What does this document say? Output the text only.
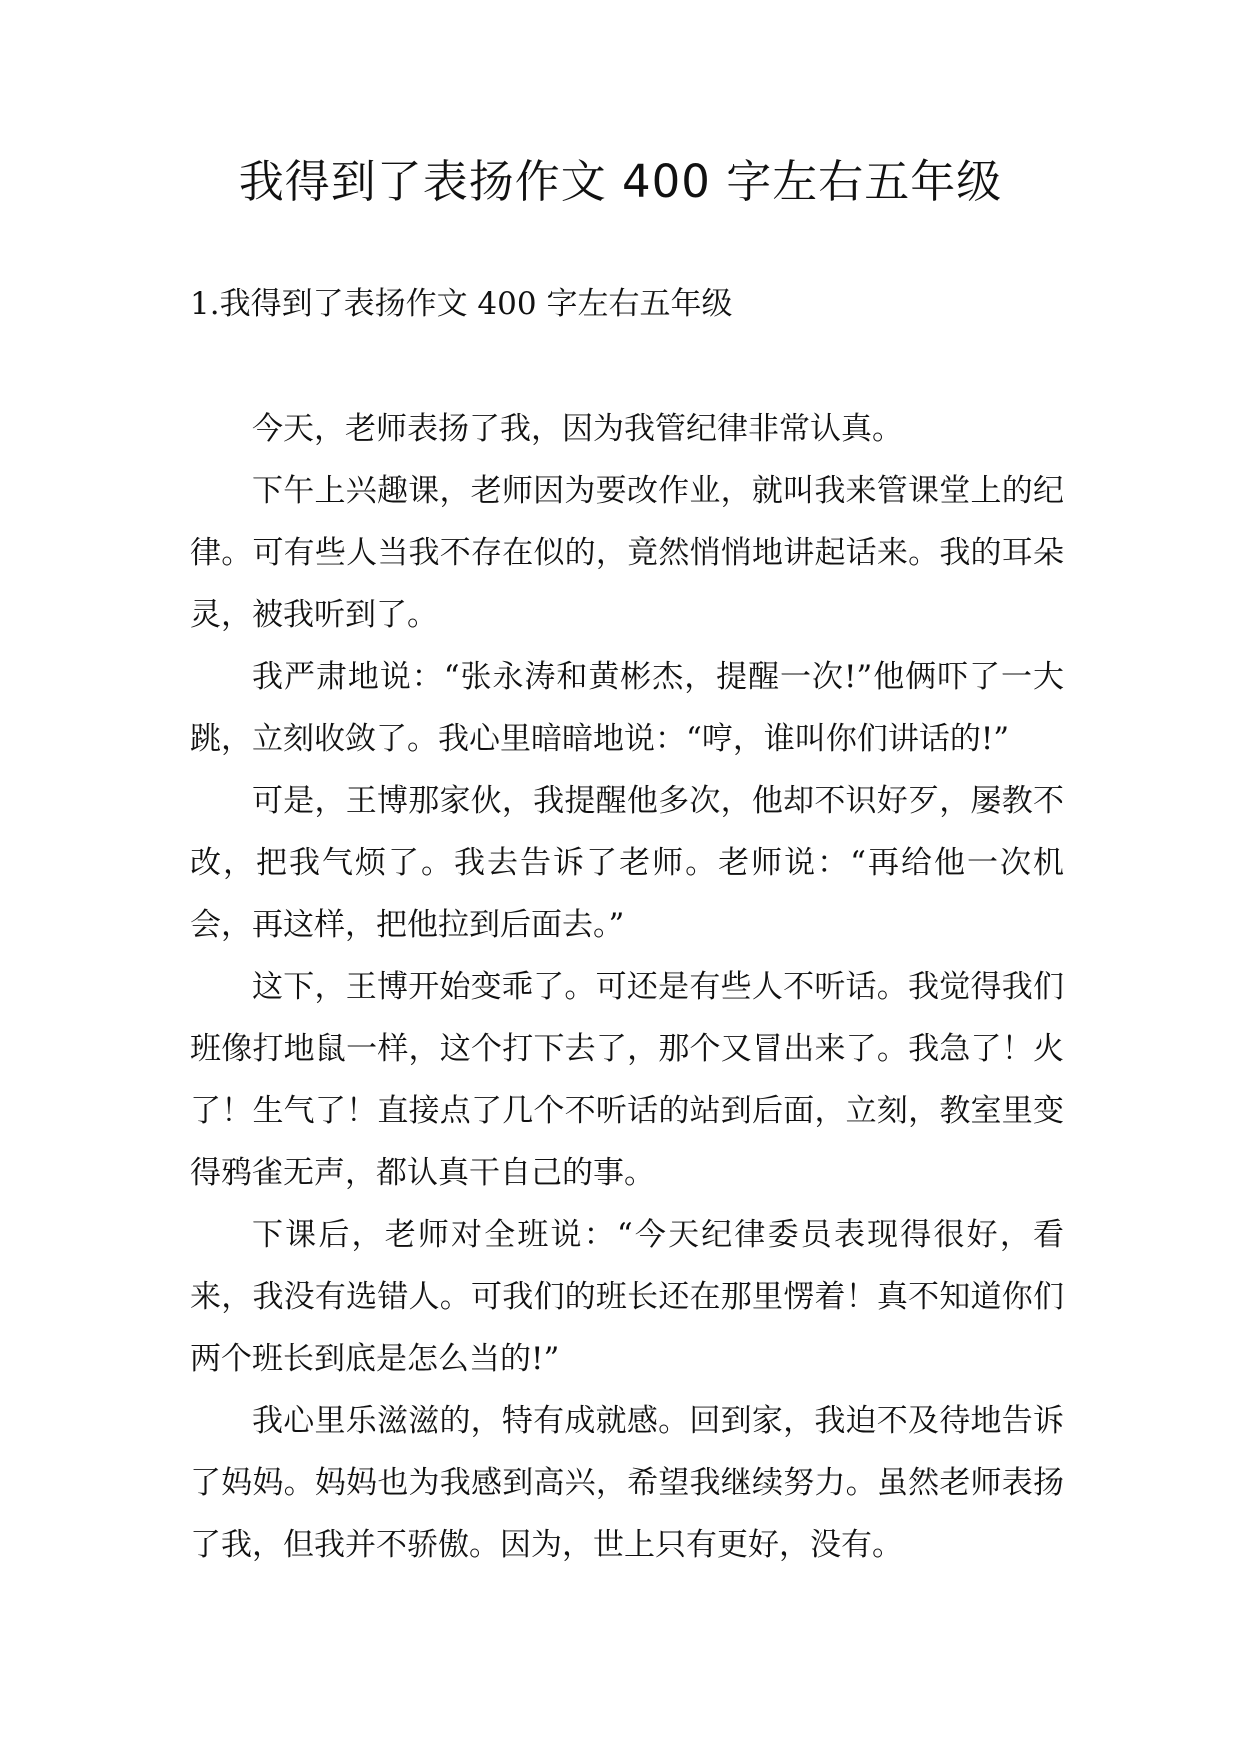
我得到了表扬作文 400 字左右五年级
1.我得到了表扬作文 400 字左右五年级

今天，老师表扬了我，因为我管纪律非常认真。

下午上兴趣课，老师因为要改作业，就叫我来管课堂上的纪律。可有些人当我不存在似的，竟然悄悄地讲起话来。我的耳朵灵，被我听到了。

我严肃地说：“张永涛和黄彬杰，提醒一次!”他俩吓了一大跳，立刻收敛了。我心里暗暗地说：“哼，谁叫你们讲话的!”

可是，王博那家伙，我提醒他多次，他却不识好歹，屡教不改，把我气烦了。我去告诉了老师。老师说：“再给他一次机会，再这样，把他拉到后面去。”

这下，王博开始变乖了。可还是有些人不听话。我觉得我们班像打地鼠一样，这个打下去了，那个又冒出来了。我急了！火了！生气了！直接点了几个不听话的站到后面，立刻，教室里变得鸦雀无声，都认真干自己的事。

下课后，老师对全班说：“今天纪律委员表现得很好，看来，我没有选错人。可我们的班长还在那里愣着！真不知道你们两个班长到底是怎么当的!”

我心里乐滋滋的，特有成就感。回到家，我迫不及待地告诉了妈妈。妈妈也为我感到高兴，希望我继续努力。虽然老师表扬了我，但我并不骄傲。因为，世上只有更好，没有。
